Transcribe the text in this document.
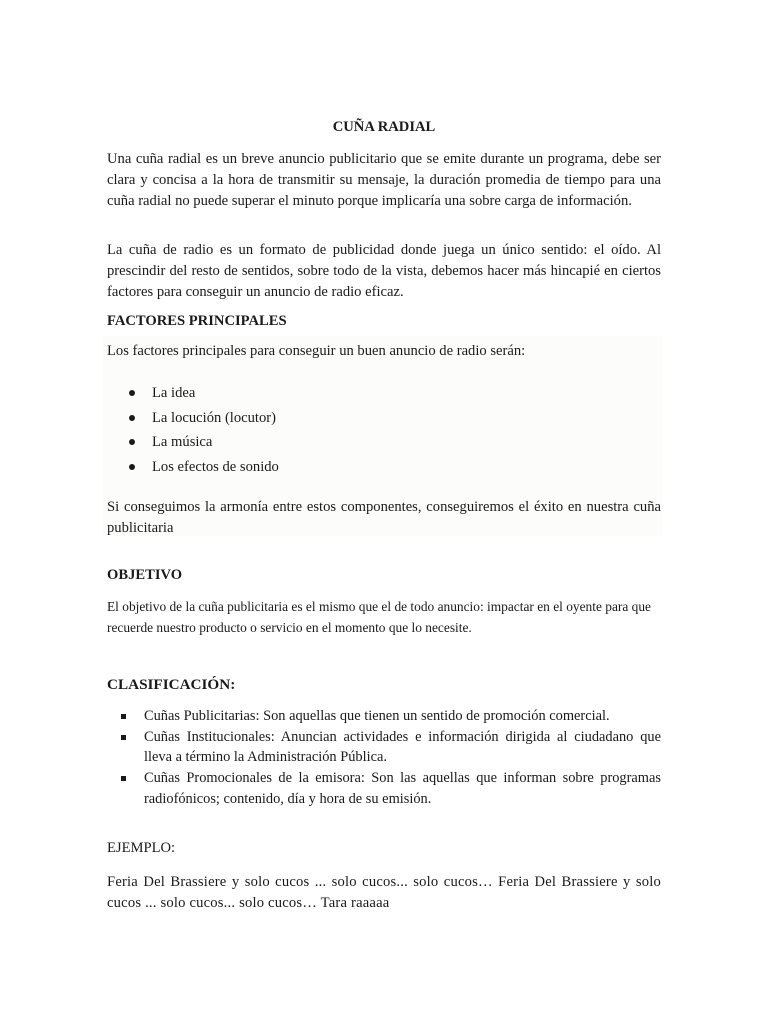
CUÑA RADIAL

Una cuña radial es un breve anuncio publicitario que se emite durante un programa, debe ser clara y concisa a la hora de transmitir su mensaje, la duración promedia de tiempo para una cuña radial no puede superar el minuto porque implicaría una sobre carga de información.

La cuña de radio es un formato de publicidad donde juega un único sentido: el oído. Al prescindir del resto de sentidos, sobre todo de la vista, debemos hacer más hincapié en ciertos factores para conseguir un anuncio de radio eficaz.

FACTORES PRINCIPALES

Los factores principales para conseguir un buen anuncio de radio serán:

La idea
La locución (locutor)
La música
Los efectos de sonido

Si conseguimos la armonía entre estos componentes, conseguiremos el éxito en nuestra cuña publicitaria

OBJETIVO

El objetivo de la cuña publicitaria es el mismo que el de todo anuncio: impactar en el oyente para que recuerde nuestro producto o servicio en el momento que lo necesite.

CLASIFICACIÓN:

Cuñas Publicitarias: Son aquellas que tienen un sentido de promoción comercial.
Cuñas Institucionales: Anuncian actividades e información dirigida al ciudadano que lleva a término la Administración Pública.
Cuñas Promocionales de la emisora: Son las aquellas que informan sobre programas radiofónicos; contenido, día y hora de su emisión.

EJEMPLO:

Feria Del Brassiere y solo cucos ... solo cucos... solo cucos… Feria Del Brassiere y solo cucos ... solo cucos... solo cucos… Tara raaaaa
